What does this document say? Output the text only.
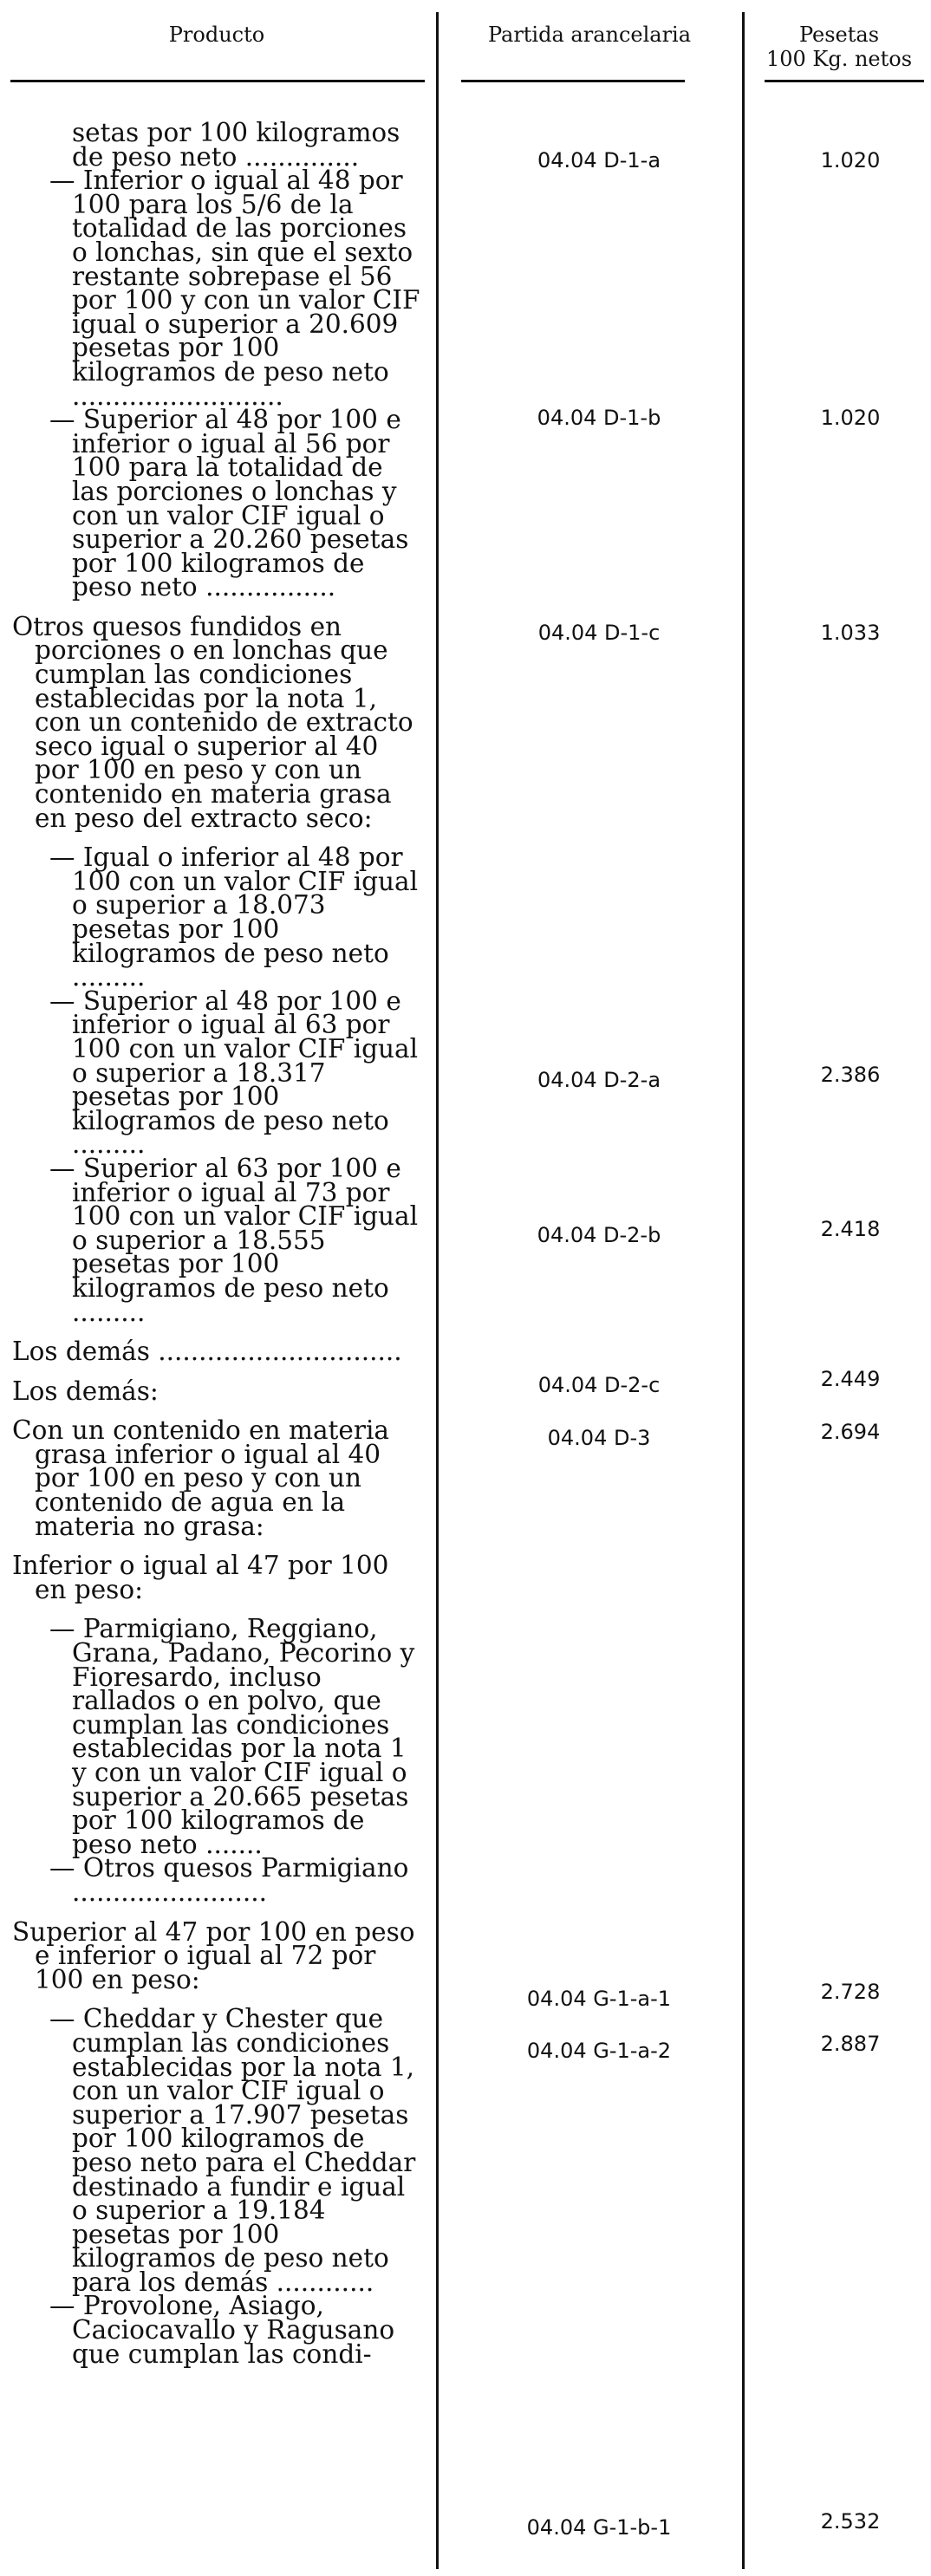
Producto	Partida arancelaria	Pesetas
100 Kg. netos

setas por 100 kilogramos de peso neto ..............

— Inferior o igual al 48 por 100 para los 5/6 de la totalidad de las porciones o lonchas, sin que el sexto restante sobrepase el 56 por 100 y con un valor CIF igual o superior a 20.609 pesetas por 100 kilogramos de peso neto ..........................

— Superior al 48 por 100 e inferior o igual al 56 por 100 para la totalidad de las porciones o lonchas y con un valor CIF igual o superior a 20.260 pesetas por 100 kilogramos de peso neto ................

Otros quesos fundidos en porciones o en lonchas que cumplan las condiciones establecidas por la nota 1, con un contenido de extracto seco igual o superior al 40 por 100 en peso y con un contenido en materia grasa en peso del extracto seco:

— Igual o inferior al 48 por 100 con un valor CIF igual o superior a 18.073 pesetas por 100 kilogramos de peso neto .........

— Superior al 48 por 100 e inferior o igual al 63 por 100 con un valor CIF igual o superior a 18.317 pesetas por 100 kilogramos de peso neto .........

— Superior al 63 por 100 e inferior o igual al 73 por 100 con un valor CIF igual o superior a 18.555 pesetas por 100 kilogramos de peso neto .........

Los demás ..............................

Los demás:

Con un contenido en materia grasa inferior o igual al 40 por 100 en peso y con un contenido de agua en la materia no grasa:

Inferior o igual al 47 por 100 en peso:

— Parmigiano, Reggiano, Grana, Padano, Pecorino y Fioresardo, incluso rallados o en polvo, que cumplan las condiciones establecidas por la nota 1 y con un valor CIF igual o superior a 20.665 pesetas por 100 kilogramos de peso neto .......

— Otros quesos Parmigiano ........................

Superior al 47 por 100 en peso e inferior o igual al 72 por 100 en peso:

— Cheddar y Chester que cumplan las condiciones establecidas por la nota 1, con un valor CIF igual o superior a 17.907 pesetas por 100 kilogramos de peso neto para el Cheddar destinado a fundir e igual o superior a 19.184 pesetas por 100 kilogramos de peso neto para los demás ............

— Provolone, Asiago, Caciocavallo y Ragusano que cumplan las condi-

04.04 D-1-a
04.04 D-1-b
04.04 D-1-c
04.04 D-2-a
04.04 D-2-b
04.04 D-2-c
04.04 D-3
04.04 G-1-a-1
04.04 G-1-a-2
04.04 G-1-b-1
1.020
1.020
1.033
2.386
2.418
2.449
2.694
2.728
2.887
2.532
